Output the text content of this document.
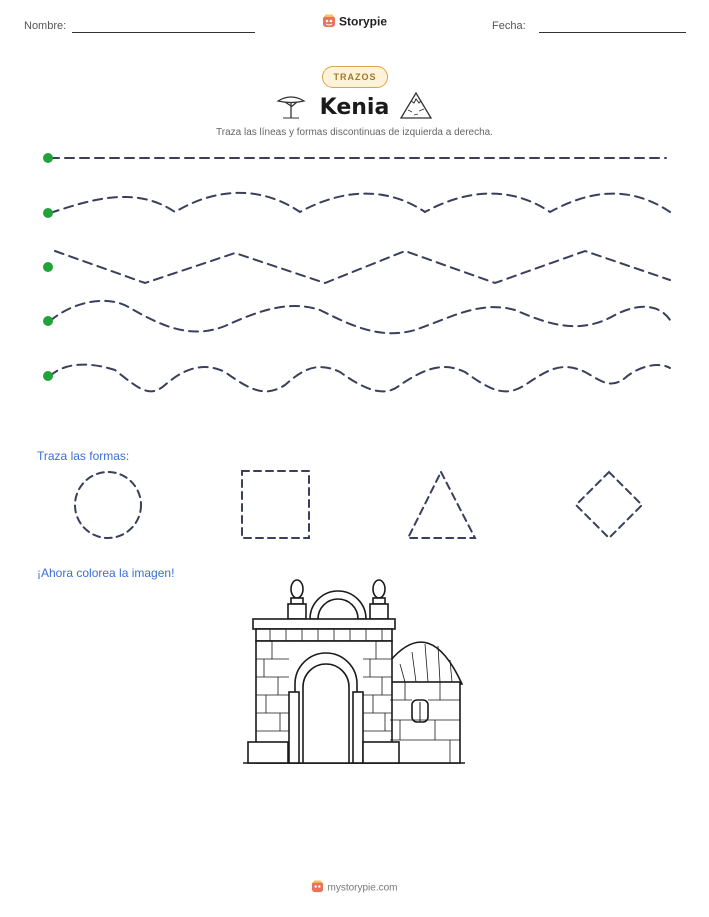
Nombre:	Storypie	Fecha:
TRAZOS
Kenia
Traza las líneas y formas discontinuas de izquierda a derecha.
Traza las formas:
¡Ahora colorea la imagen!
mystorypie.com
